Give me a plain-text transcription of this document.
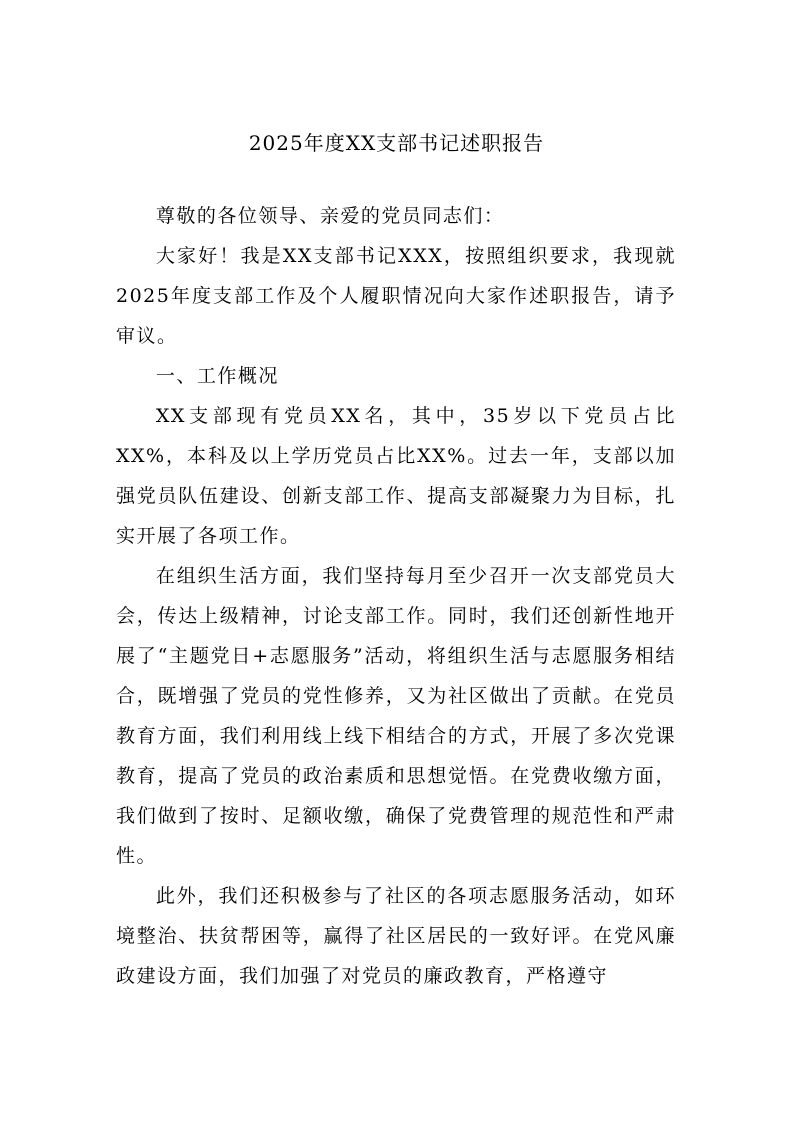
2025年度XX支部书记述职报告

尊敬的各位领导、亲爱的党员同志们：

大家好！我是XX支部书记XXX，按照组织要求，我现就2025年度支部工作及个人履职情况向大家作述职报告，请予审议。

一、工作概况

XX支部现有党员XX名，其中，35岁以下党员占比XX%，本科及以上学历党员占比XX%。过去一年，支部以加强党员队伍建设、创新支部工作、提高支部凝聚力为目标，扎实开展了各项工作。

在组织生活方面，我们坚持每月至少召开一次支部党员大会，传达上级精神，讨论支部工作。同时，我们还创新性地开展了“主题党日+志愿服务”活动，将组织生活与志愿服务相结合，既增强了党员的党性修养，又为社区做出了贡献。在党员教育方面，我们利用线上线下相结合的方式，开展了多次党课教育，提高了党员的政治素质和思想觉悟。在党费收缴方面，我们做到了按时、足额收缴，确保了党费管理的规范性和严肃性。

此外，我们还积极参与了社区的各项志愿服务活动，如环境整治、扶贫帮困等，赢得了社区居民的一致好评。在党风廉政建设方面，我们加强了对党员的廉政教育，严格遵守
